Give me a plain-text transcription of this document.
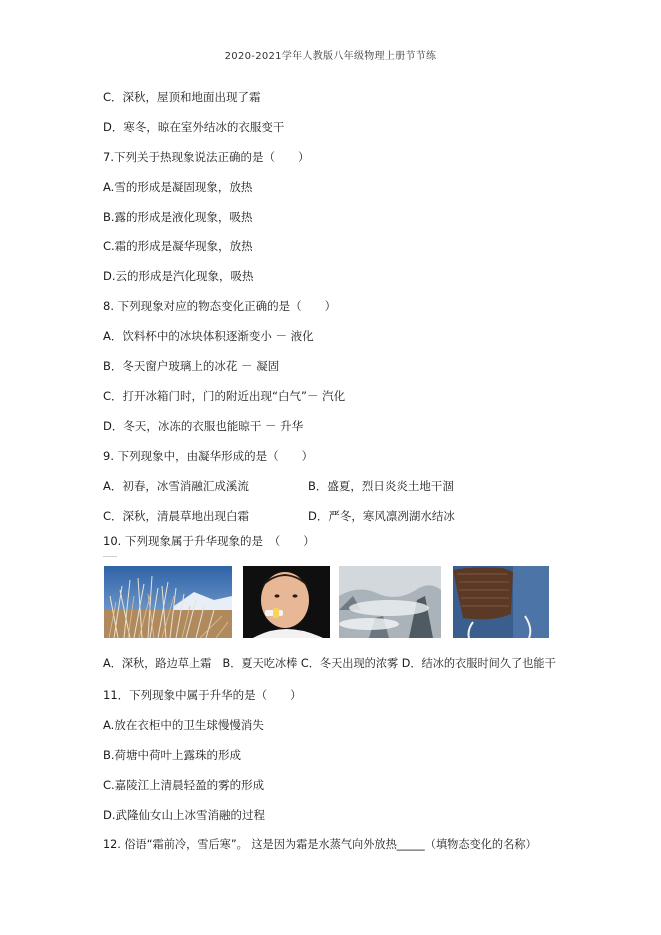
2020-2021学年人教版八年级物理上册节节练
C．深秋，屋顶和地面出现了霜
D．寒冬，晾在室外结冰的衣服变干
7.下列关于热现象说法正确的是（　　）
A.雪的形成是凝固现象，放热
B.露的形成是液化现象，吸热
C.霜的形成是凝华现象，放热
D.云的形成是汽化现象，吸热
8. 下列现象对应的物态变化正确的是（　　）
A．饮料杯中的冰块体积逐渐变小 － 液化
B．冬天窗户玻璃上的冰花 － 凝固
C．打开冰箱门时，门的附近出现“白气”－ 汽化
D．冬天，冰冻的衣服也能晾干 － 升华
9. 下列现象中，由凝华形成的是（　　）
A．初春，冰雪消融汇成溪流	B．盛夏，烈日炎炎土地干涸
C．深秋，清晨草地出现白霜	D．严冬，寒风凛冽湖水结冰
10. 下列现象属于升华现象的是　（　　）
A．深秋，路边草上霜　B．夏天吃冰棒 C．冬天出现的浓雾 D．结冰的衣服时间久了也能干
11．下列现象中属于升华的是（　　）
A.放在衣柜中的卫生球慢慢消失
B.荷塘中荷叶上露珠的形成
C.嘉陵江上清晨轻盈的雾的形成
D.武隆仙女山上冰雪消融的过程
12. 俗语“霜前冷，雪后寒”。 这是因为霜是水蒸气向外放热_____（填物态变化的名称）
